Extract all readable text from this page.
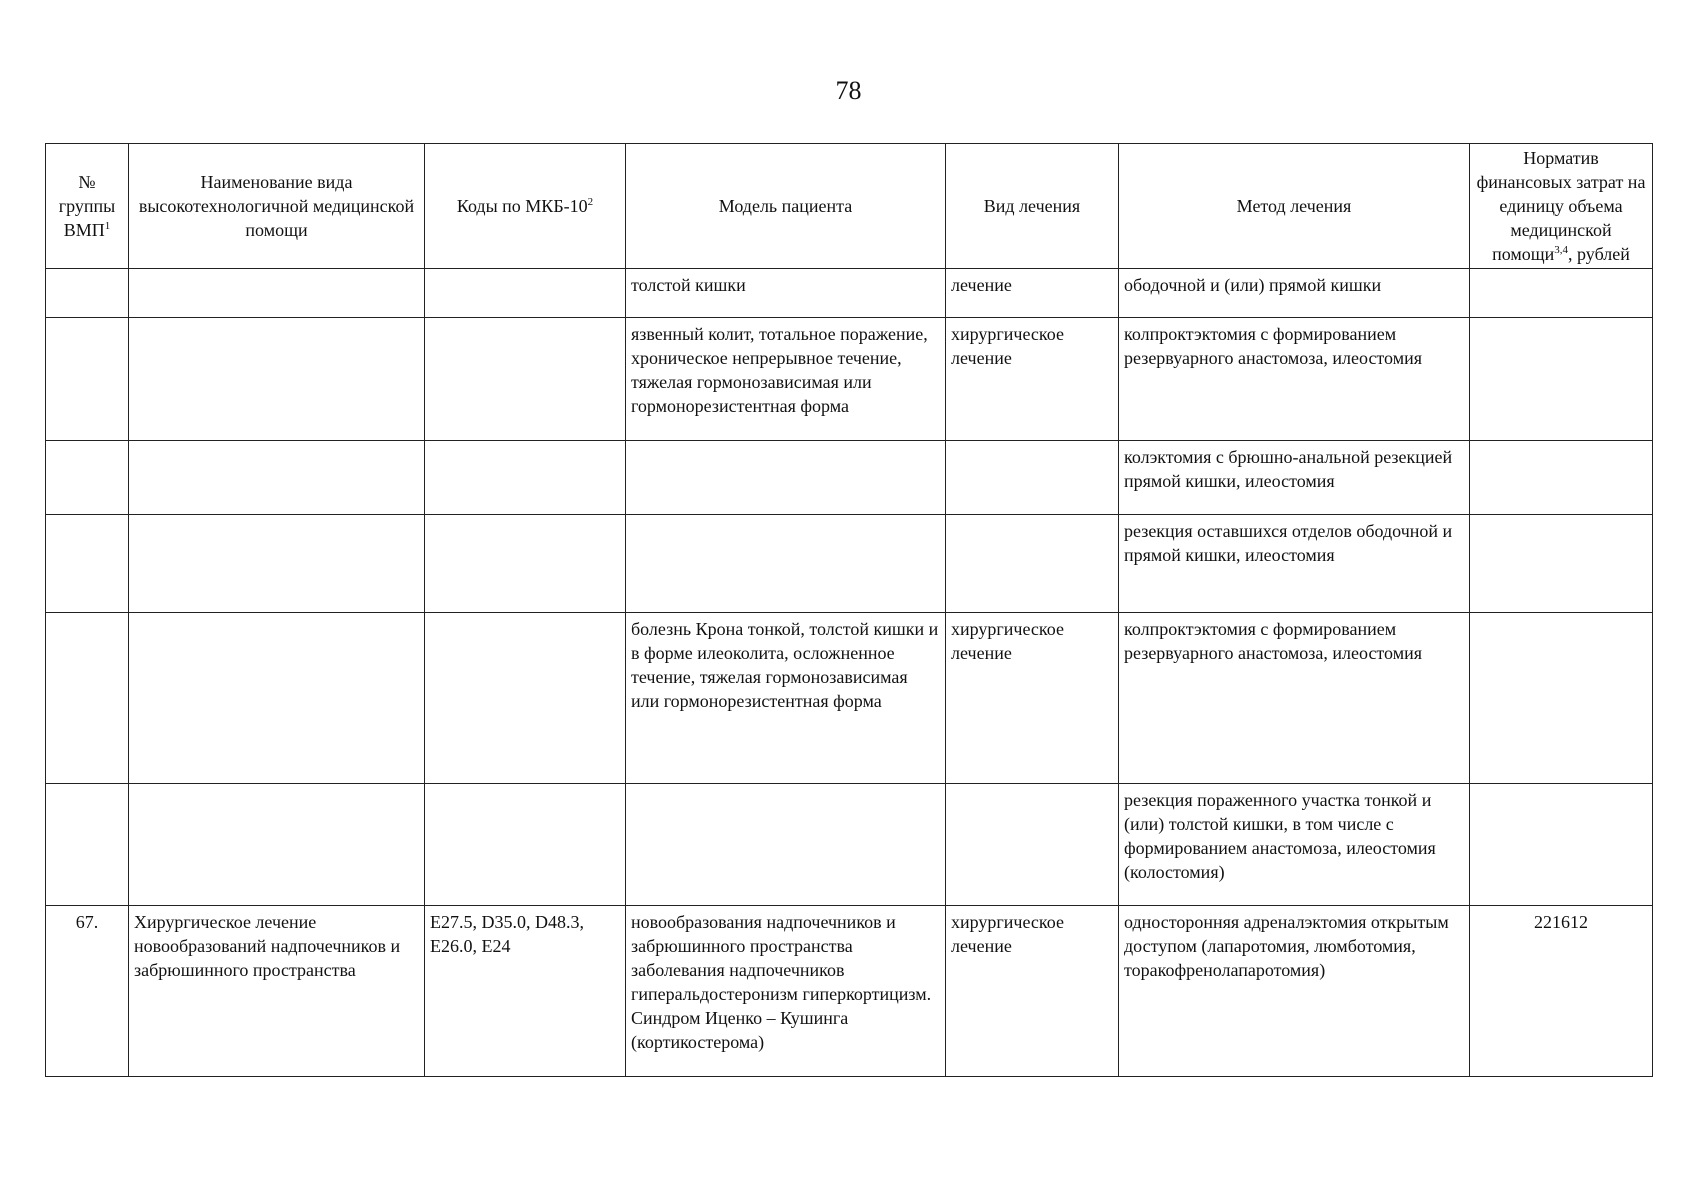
78
№ группы ВМП$^1$	Наименование вида высокотехнологичной медицинской помощи	Коды по МКБ-$10^2$	Модель пациента	Вид лечения	Метод лечения	Норматив финансовых затрат на единицу объема медицинской помощи$^{3,4}$, рублей
			толстой кишки	лечение	ободочной и (или) прямой кишки	
			язвенный колит, тотальное поражение, хроническое непрерывное течение, тяжелая гормонозависимая или гормонорезистентная форма	хирургическое лечение	колпроктэктомия с формированием резервуарного анастомоза, илеостомия	
					колэктомия с брюшно-анальной резекцией прямой кишки, илеостомия	
					резекция оставшихся отделов ободочной и прямой кишки, илеостомия	
			болезнь Крона тонкой, толстой кишки и в форме илеоколита, осложненное течение, тяжелая гормонозависимая или гормонорезистентная форма	хирургическое лечение	колпроктэктомия с формированием резервуарного анастомоза, илеостомия	
					резекция пораженного участка тонкой и (или) толстой кишки, в том числе с формированием анастомоза, илеостомия (колостомия)	
67.	Хирургическое лечение новообразований надпочечников и забрюшинного пространства	E27.5, D35.0, D48.3, E26.0, E24	новообразования надпочечников и забрюшинного пространства заболевания надпочечников гиперальдостеронизм гиперкортицизм. Синдром Иценко – Кушинга (кортикостерома)	хирургическое лечение	односторонняя адреналэктомия открытым доступом (лапаротомия, люмботомия, торакофренолапаротомия)	221612
